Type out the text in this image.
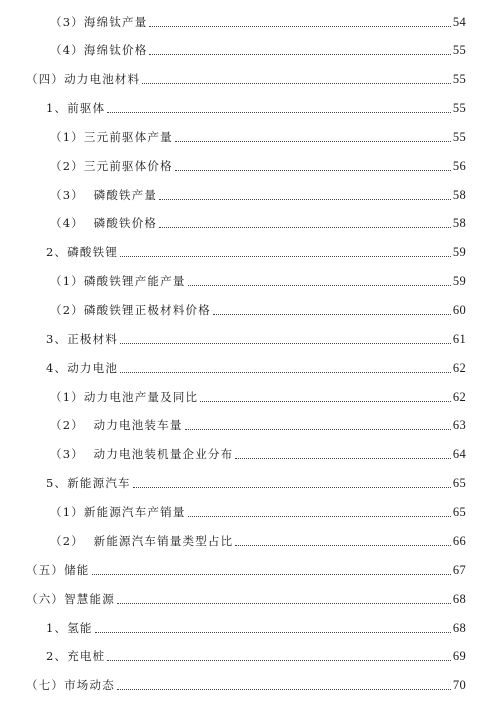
（3）海绵钛产量	54
（4）海绵钛价格	55
（四）动力电池材料	55
1、前驱体	55
（1）三元前驱体产量	55
（2）三元前驱体价格	56
（3）  磷酸铁产量	58
（4）  磷酸铁价格	58
2、磷酸铁锂	59
（1）磷酸铁锂产能产量	59
（2）磷酸铁锂正极材料价格	60
3、正极材料	61
4、动力电池	62
（1）动力电池产量及同比	62
（2）  动力电池装车量	63
（3）  动力电池装机量企业分布	64
5、新能源汽车	65
（1）新能源汽车产销量	65
（2）  新能源汽车销量类型占比	66
（五）储能	67
（六）智慧能源	68
1、氢能	68
2、充电桩	69
（七）市场动态	70
